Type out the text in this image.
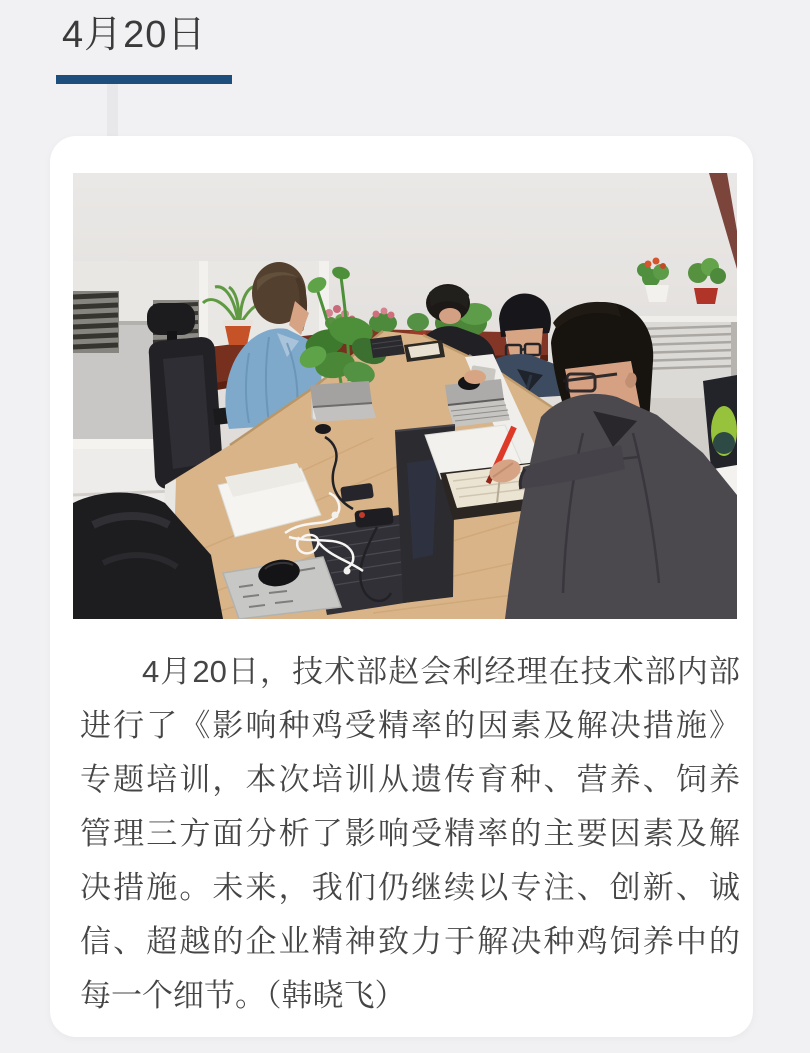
4月20日
4月20日，技术部赵会利经理在技术部内部
进行了《影响种鸡受精率的因素及解决措施》
专题培训，本次培训从遗传育种、营养、饲养
管理三方面分析了影响受精率的主要因素及解
决措施。未来，我们仍继续以专注、创新、诚
信、超越的企业精神致力于解决种鸡饲养中的
每一个细节。（韩晓飞）
